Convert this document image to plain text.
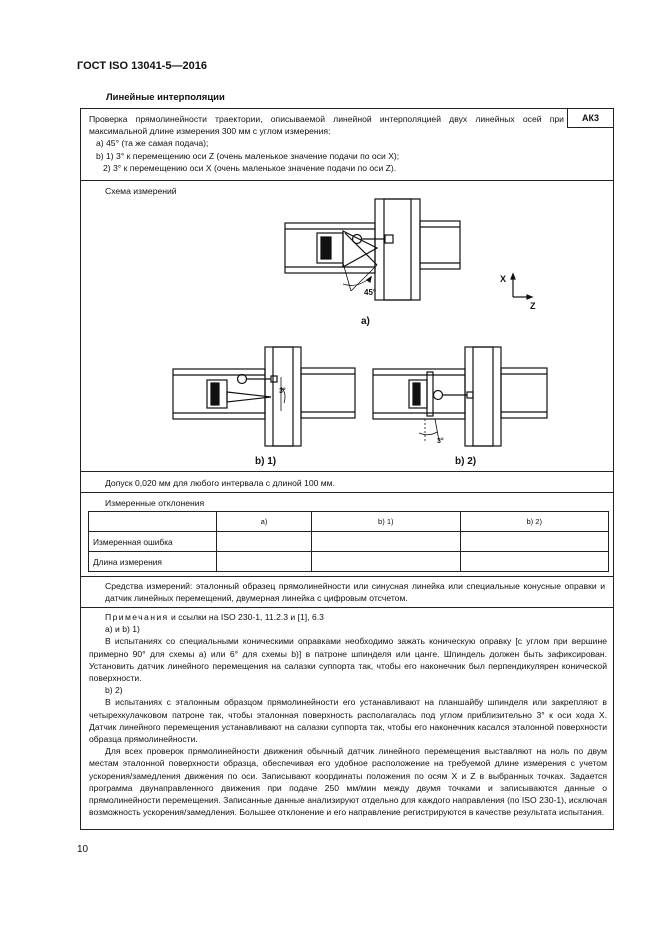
ГОСТ ISO 13041-5—2016
Линейные интерполяции
Проверка прямолинейности траектории, описываемой линейной интерполяцией двух линейных осей при максимальной длине измерения 300 мм с углом измерения:
a) 45° (та же самая подача);
b) 1) 3° к перемещению оси Z (очень маленькое значение подачи по оси X);
2) 3° к перемещению оси X (очень маленькое значение подачи по оси Z).
АК3
Схема измерений
45°
a)
X
Z
3°
b) 1)
3°
b) 2)
Допуск 0,020 мм для любого интервала с длиной 100 мм.
Измеренные отклонения
	a)	b) 1)	b) 2)
Измеренная ошибка			
Длина измерения			
Средства измерений: эталонный образец прямолинейности или синусная линейка или специальные конусные оправки и датчик линейных перемещений, двумерная линейка с цифровым отсчетом.

Примечания и ссылки на ISO 230-1, 11.2.3 и [1], 6.3

а) и b) 1)

В испытаниях со специальными коническими оправками необходимо зажать коническую оправку [с углом при вершине примерно 90° для схемы а) или 6° для схемы b)] в патроне шпинделя или цанге. Шпиндель должен быть зафиксирован. Установить датчик линейного перемещения на салазки суппорта так, чтобы его наконечник был перпендикулярен конической поверхности.

b) 2)

В испытаниях с эталонным образцом прямолинейности его устанавливают на планшайбу шпинделя или закрепляют в четырехкулачковом патроне так, чтобы эталонная поверхность располагалась под углом приблизительно 3° к оси хода X. Датчик линейного перемещения устанавливают на салазки суппорта так, чтобы его наконечник касался эталонной поверхности образца прямолинейности.

Для всех проверок прямолинейности движения обычный датчик линейного перемещения выставляют на ноль по двум местам эталонной поверхности образца, обеспечивая его удобное расположение на требуемой длине измерения с учетом ускорения/замедления движения по оси. Записывают координаты положения по осям X и Z в выбранных точках. Задается программа двунаправленного движения при подаче 250 мм/мин между двумя точками и записываются данные о прямолинейности перемещения. Записанные данные анализируют отдельно для каждого направления (по ISO 230-1), исключая возможность ускорения/замедления. Большее отклонение и его направление регистрируются в качестве результата испытания.

10
